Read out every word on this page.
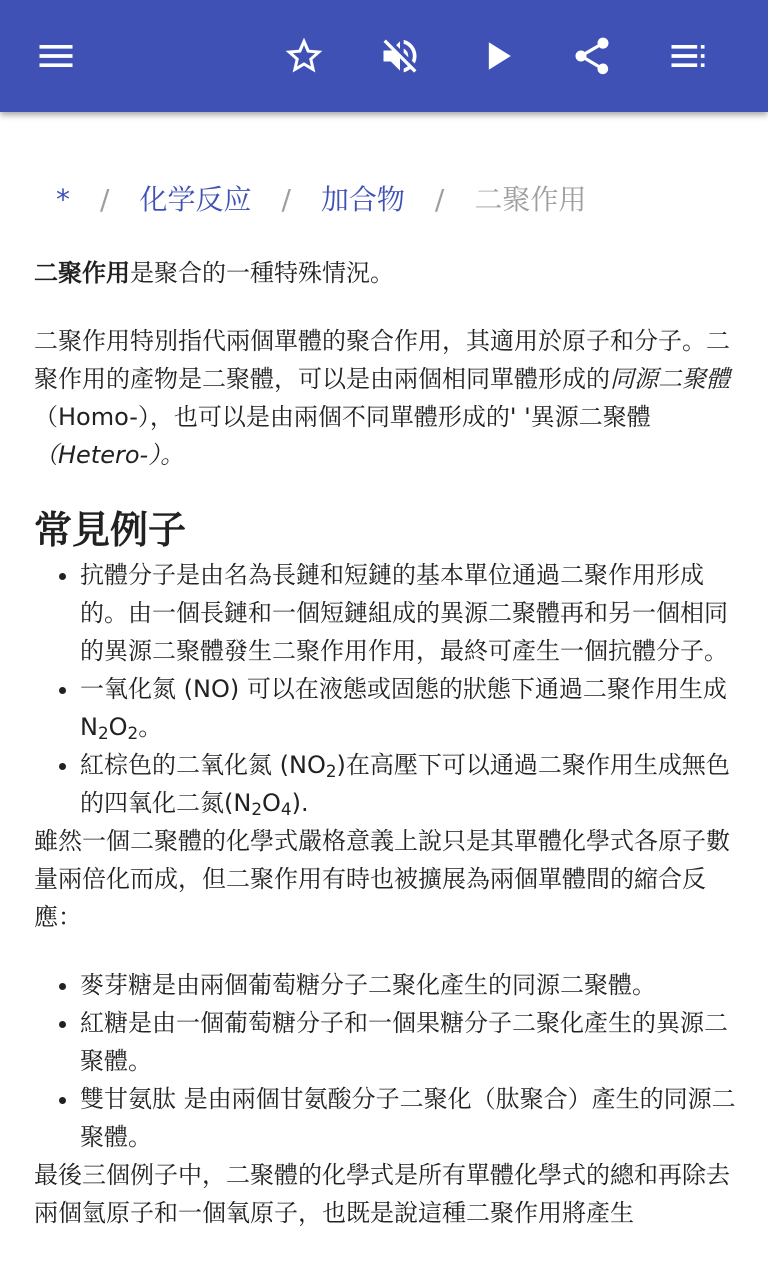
* / 化学反应 / 加合物 / 二聚作用

二聚作用是聚合的一種特殊情況。

二聚作用特別指代兩個單體的聚合作用，其適用於原子和分子。二聚作用的產物是二聚體，可以是由兩個相同單體形成的同源二聚體（Homo-），也可以是由兩個不同單體形成的' '異源二聚體（Hetero-）。

常見例子
• 抗體分子是由名為長鏈和短鏈的基本單位通過二聚作用形成的。由一個長鏈和一個短鏈組成的異源二聚體再和另一個相同的異源二聚體發生二聚作用作用，最終可產生一個抗體分子。
• 一氧化氮 (NO) 可以在液態或固態的狀態下通過二聚作用生成$N_2O_2$。
• 紅棕色的二氧化氮 $(NO_2)$在高壓下可以通過二聚作用生成無色的四氧化二氮$(N_2O_4)$.

雖然一個二聚體的化學式嚴格意義上說只是其單體化學式各原子數量兩倍化而成，但二聚作用有時也被擴展為兩個單體間的縮合反應：

• 麥芽糖是由兩個葡萄糖分子二聚化產生的同源二聚體。
• 紅糖是由一個葡萄糖分子和一個果糖分子二聚化產生的異源二聚體。
• 雙甘氨肽 是由兩個甘氨酸分子二聚化（肽聚合）產生的同源二聚體。

最後三個例子中，二聚體的化學式是所有單體化學式的總和再除去兩個氫原子和一個氧原子，也既是說這種二聚作用將產生
